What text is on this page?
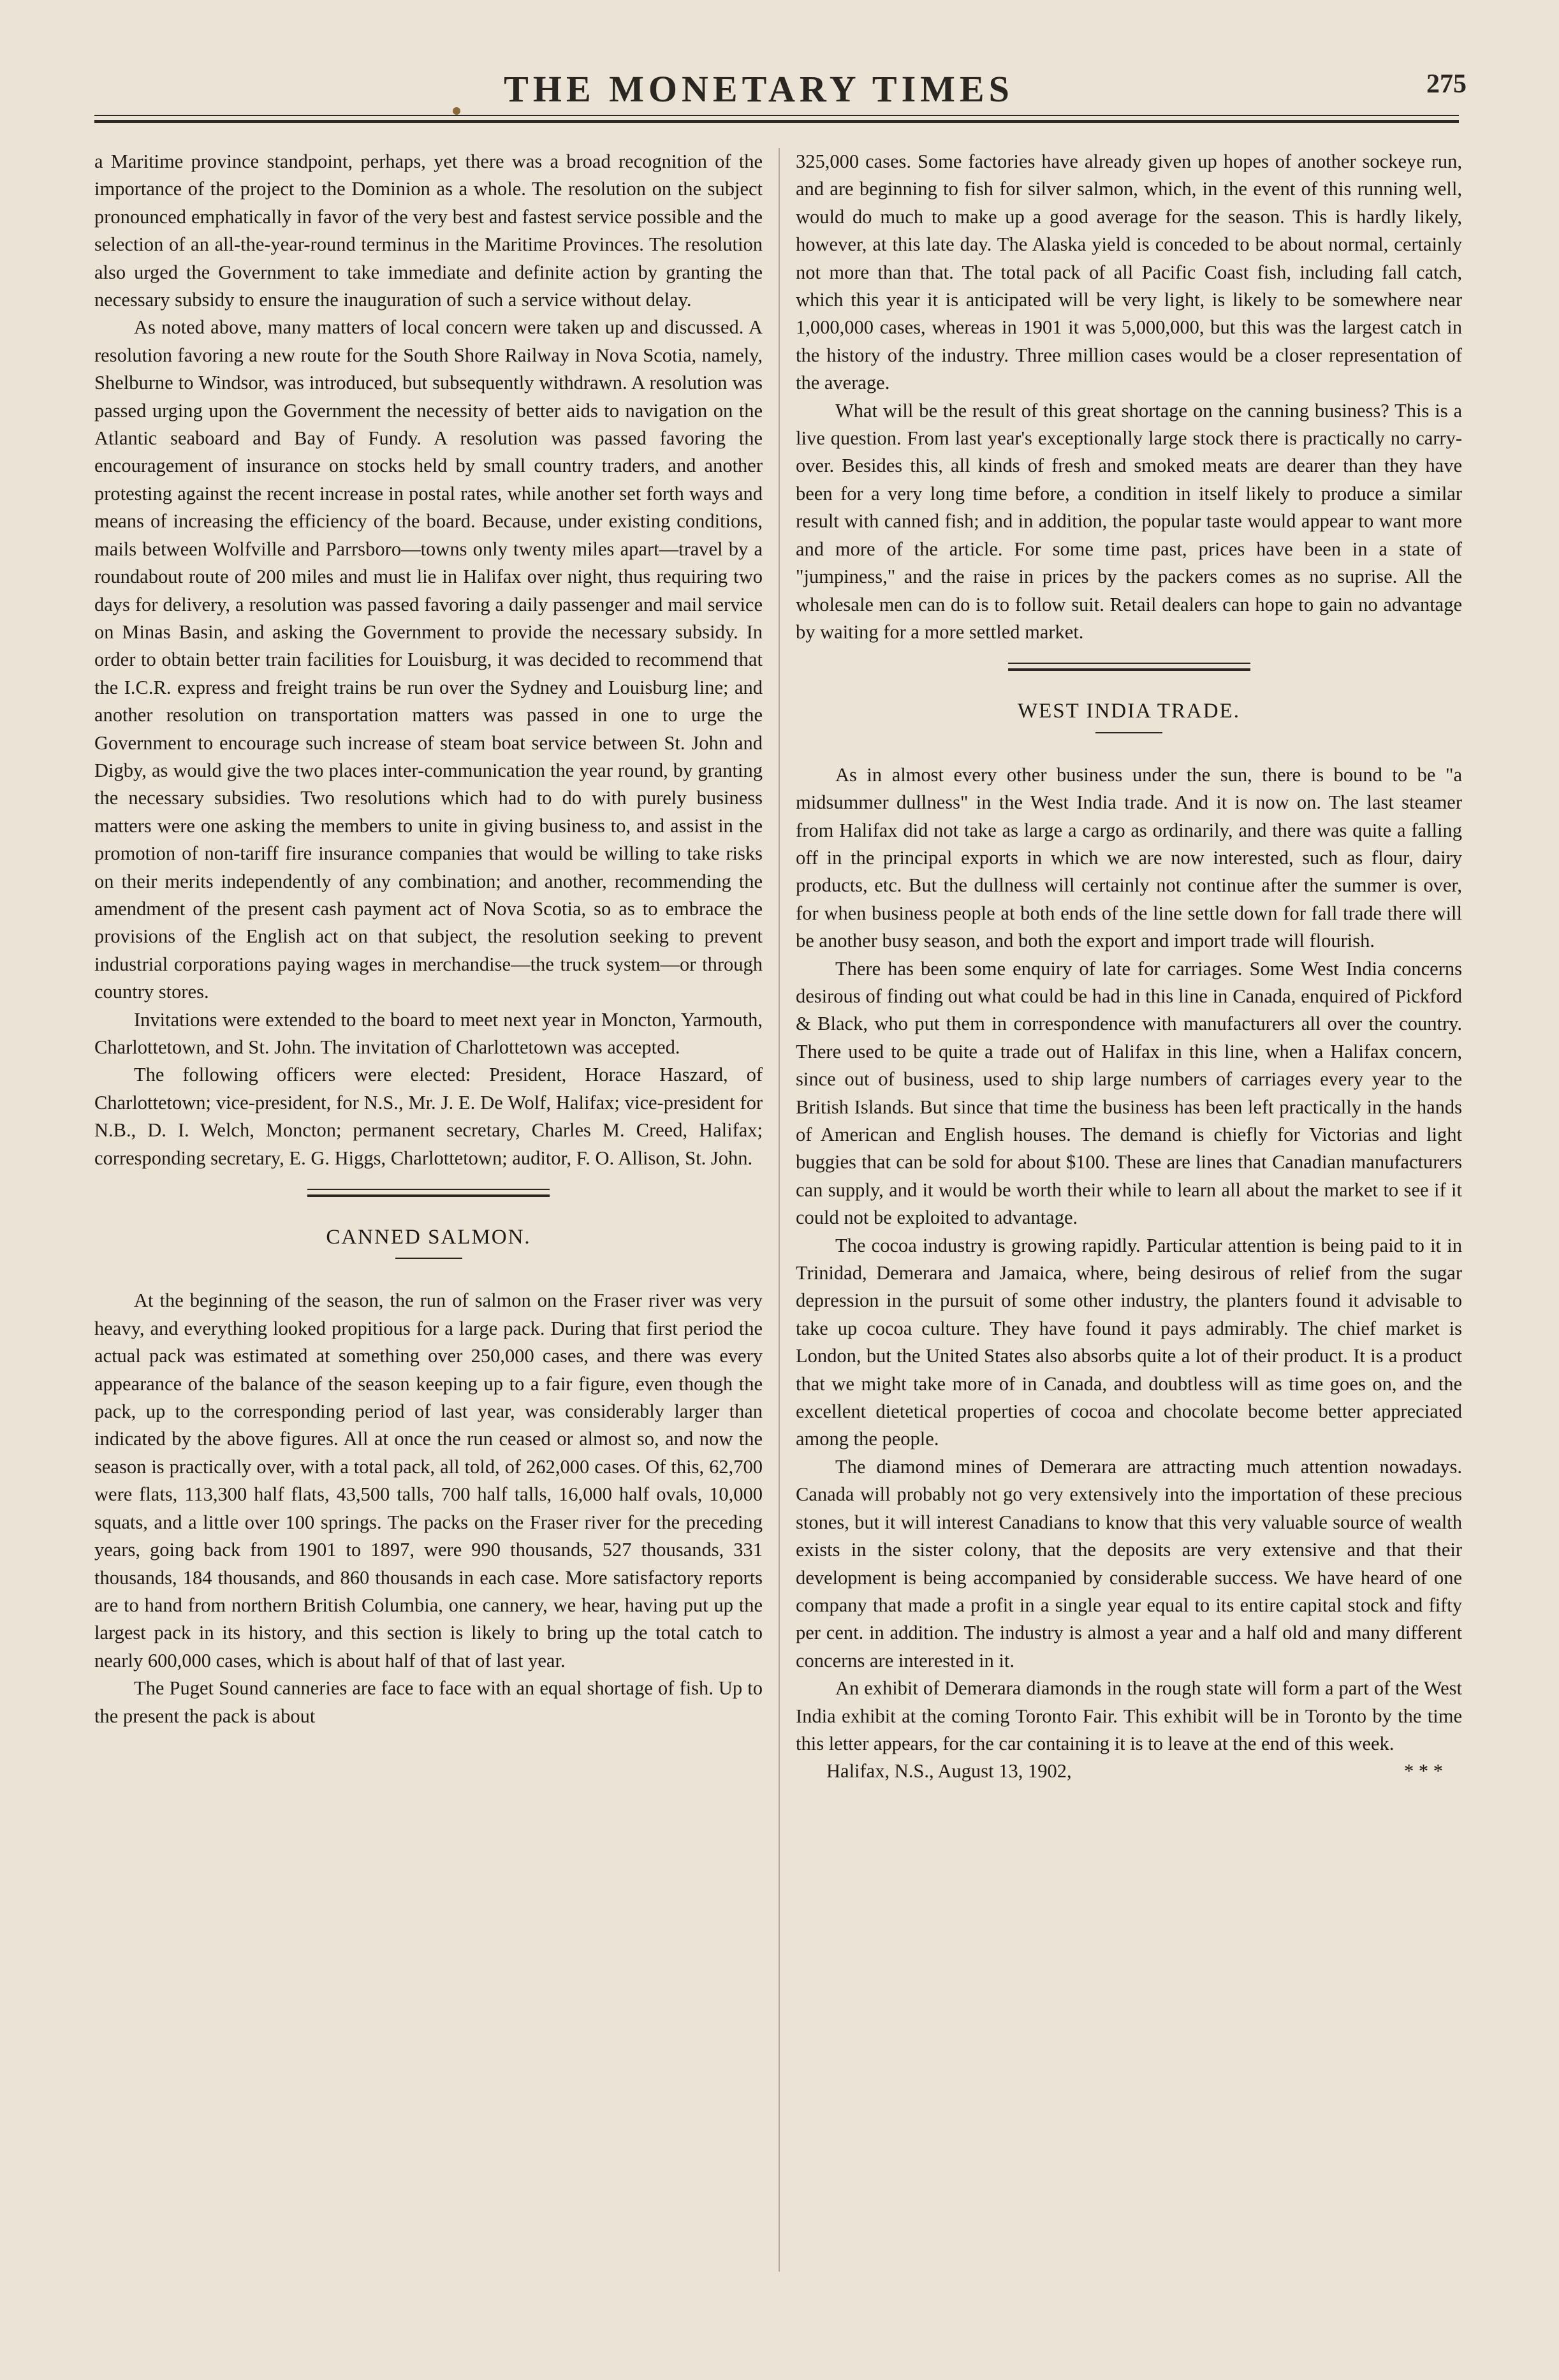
THE MONETARY TIMES	275

a Maritime province standpoint, perhaps, yet there was a broad recognition of the importance of the project to the Dominion as a whole. The resolution on the subject pronounced emphatically in favor of the very best and fastest service possible and the selection of an all-the-year-round terminus in the Maritime Provinces. The resolution also urged the Government to take immediate and definite action by granting the necessary subsidy to ensure the inauguration of such a service without delay.

As noted above, many matters of local concern were taken up and discussed. A resolution favoring a new route for the South Shore Railway in Nova Scotia, namely, Shelburne to Windsor, was introduced, but subsequently withdrawn. A resolution was passed urging upon the Government the necessity of better aids to navigation on the Atlantic seaboard and Bay of Fundy. A resolution was passed favoring the encouragement of insurance on stocks held by small country traders, and another protesting against the recent increase in postal rates, while another set forth ways and means of increasing the efficiency of the board. Because, under existing conditions, mails between Wolfville and Parrsboro—towns only twenty miles apart—travel by a roundabout route of 200 miles and must lie in Halifax over night, thus requiring two days for delivery, a resolution was passed favoring a daily passenger and mail service on Minas Basin, and asking the Government to provide the necessary subsidy. In order to obtain better train facilities for Louisburg, it was decided to recommend that the I.C.R. express and freight trains be run over the Sydney and Louisburg line; and another resolution on transportation matters was passed in one to urge the Government to encourage such increase of steam boat service between St. John and Digby, as would give the two places inter-communication the year round, by granting the necessary subsidies. Two resolutions which had to do with purely business matters were one asking the members to unite in giving business to, and assist in the promotion of non-tariff fire insurance companies that would be willing to take risks on their merits independently of any combination; and another, recommending the amendment of the present cash payment act of Nova Scotia, so as to embrace the provisions of the English act on that subject, the resolution seeking to prevent industrial corporations paying wages in merchandise—the truck system—or through country stores.

Invitations were extended to the board to meet next year in Moncton, Yarmouth, Charlottetown, and St. John. The invitation of Charlottetown was accepted.

The following officers were elected: President, Horace Haszard, of Charlottetown; vice-president, for N.S., Mr. J. E. De Wolf, Halifax; vice-president for N.B., D. I. Welch, Moncton; permanent secretary, Charles M. Creed, Halifax; corresponding secretary, E. G. Higgs, Charlottetown; auditor, F. O. Allison, St. John.

CANNED SALMON.

At the beginning of the season, the run of salmon on the Fraser river was very heavy, and everything looked propitious for a large pack. During that first period the actual pack was estimated at something over 250,000 cases, and there was every appearance of the balance of the season keeping up to a fair figure, even though the pack, up to the corresponding period of last year, was considerably larger than indicated by the above figures. All at once the run ceased or almost so, and now the season is practically over, with a total pack, all told, of 262,000 cases. Of this, 62,700 were flats, 113,300 half flats, 43,500 talls, 700 half talls, 16,000 half ovals, 10,000 squats, and a little over 100 springs. The packs on the Fraser river for the preceding years, going back from 1901 to 1897, were 990 thousands, 527 thousands, 331 thousands, 184 thousands, and 860 thousands in each case. More satisfactory reports are to hand from northern British Columbia, one cannery, we hear, having put up the largest pack in its history, and this section is likely to bring up the total catch to nearly 600,000 cases, which is about half of that of last year.

The Puget Sound canneries are face to face with an equal shortage of fish. Up to the present the pack is about

325,000 cases. Some factories have already given up hopes of another sockeye run, and are beginning to fish for silver salmon, which, in the event of this running well, would do much to make up a good average for the season. This is hardly likely, however, at this late day. The Alaska yield is conceded to be about normal, certainly not more than that. The total pack of all Pacific Coast fish, including fall catch, which this year it is anticipated will be very light, is likely to be somewhere near 1,000,000 cases, whereas in 1901 it was 5,000,000, but this was the largest catch in the history of the industry. Three million cases would be a closer representation of the average.

What will be the result of this great shortage on the canning business? This is a live question. From last year's exceptionally large stock there is practically no carry-over. Besides this, all kinds of fresh and smoked meats are dearer than they have been for a very long time before, a condition in itself likely to produce a similar result with canned fish; and in addition, the popular taste would appear to want more and more of the article. For some time past, prices have been in a state of "jumpiness," and the raise in prices by the packers comes as no suprise. All the wholesale men can do is to follow suit. Retail dealers can hope to gain no advantage by waiting for a more settled market.

WEST INDIA TRADE.

As in almost every other business under the sun, there is bound to be "a midsummer dullness" in the West India trade. And it is now on. The last steamer from Halifax did not take as large a cargo as ordinarily, and there was quite a falling off in the principal exports in which we are now interested, such as flour, dairy products, etc. But the dullness will certainly not continue after the summer is over, for when business people at both ends of the line settle down for fall trade there will be another busy season, and both the export and import trade will flourish.

There has been some enquiry of late for carriages. Some West India concerns desirous of finding out what could be had in this line in Canada, enquired of Pickford & Black, who put them in correspondence with manufacturers all over the country. There used to be quite a trade out of Halifax in this line, when a Halifax concern, since out of business, used to ship large numbers of carriages every year to the British Islands. But since that time the business has been left practically in the hands of American and English houses. The demand is chiefly for Victorias and light buggies that can be sold for about $100. These are lines that Canadian manufacturers can supply, and it would be worth their while to learn all about the market to see if it could not be exploited to advantage.

The cocoa industry is growing rapidly. Particular attention is being paid to it in Trinidad, Demerara and Jamaica, where, being desirous of relief from the sugar depression in the pursuit of some other industry, the planters found it advisable to take up cocoa culture. They have found it pays admirably. The chief market is London, but the United States also absorbs quite a lot of their product. It is a product that we might take more of in Canada, and doubtless will as time goes on, and the excellent dietetical properties of cocoa and chocolate become better appreciated among the people.

The diamond mines of Demerara are attracting much attention nowadays. Canada will probably not go very extensively into the importation of these precious stones, but it will interest Canadians to know that this very valuable source of wealth exists in the sister colony, that the deposits are very extensive and that their development is being accompanied by considerable success. We have heard of one company that made a profit in a single year equal to its entire capital stock and fifty per cent. in addition. The industry is almost a year and a half old and many different concerns are interested in it.

An exhibit of Demerara diamonds in the rough state will form a part of the West India exhibit at the coming Toronto Fair. This exhibit will be in Toronto by the time this letter appears, for the car containing it is to leave at the end of this week.

Halifax, N.S., August 13, 1902,	* * *
